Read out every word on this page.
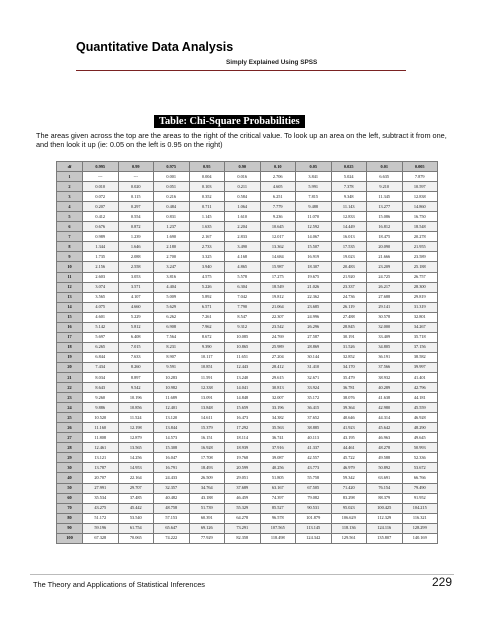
Quantitative Data Analysis
Simply Explained Using SPSS
Table: Chi-Square Probabilities
The areas given across the top are the areas to the right of the critical value. To look up an area on the left, subtract it from one, and then look it up (ie: 0.05 on the left is 0.95 on the right)
df	0.995	0.99	0.975	0.95	0.90	0.10	0.05	0.025	0.01	0.005
1	---	---	0.001	0.004	0.016	2.706	3.841	5.024	6.635	7.879
2	0.010	0.020	0.051	0.103	0.211	4.605	5.991	7.378	9.210	10.597
3	0.072	0.115	0.216	0.352	0.584	6.251	7.815	9.348	11.345	12.838
4	0.207	0.297	0.484	0.711	1.064	7.779	9.488	11.143	13.277	14.860
5	0.412	0.554	0.831	1.145	1.610	9.236	11.070	12.833	15.086	16.750
6	0.676	0.872	1.237	1.635	2.204	10.645	12.592	14.449	16.812	18.548
7	0.989	1.239	1.690	2.167	2.833	12.017	14.067	16.013	18.475	20.278
8	1.344	1.646	2.180	2.733	3.490	13.362	15.507	17.535	20.090	21.955
9	1.735	2.088	2.700	3.325	4.168	14.684	16.919	19.023	21.666	23.589
10	2.156	2.558	3.247	3.940	4.865	15.987	18.307	20.483	23.209	25.188
11	2.603	3.053	3.816	4.575	5.578	17.275	19.675	21.920	24.725	26.757
12	3.074	3.571	4.404	5.226	6.304	18.549	21.026	23.337	26.217	28.300
13	3.565	4.107	5.009	5.892	7.042	19.812	22.362	24.736	27.688	29.819
14	4.075	4.660	5.629	6.571	7.790	21.064	23.685	26.119	29.141	31.319
15	4.601	5.229	6.262	7.261	8.547	22.307	24.996	27.488	30.578	32.801
16	5.142	5.812	6.908	7.962	9.312	23.542	26.296	28.845	32.000	34.267
17	5.697	6.408	7.564	8.672	10.085	24.769	27.587	30.191	33.409	35.718
18	6.265	7.015	8.231	9.390	10.865	25.989	28.869	31.526	34.805	37.156
19	6.844	7.633	8.907	10.117	11.651	27.204	30.144	32.852	36.191	38.582
20	7.434	8.260	9.591	10.851	12.443	28.412	31.410	34.170	37.566	39.997
21	8.034	8.897	10.283	11.591	13.240	29.615	32.671	35.479	38.932	41.401
22	8.643	9.542	10.982	12.338	14.041	30.813	33.924	36.781	40.289	42.796
23	9.260	10.196	11.689	13.091	14.848	32.007	35.172	38.076	41.638	44.181
24	9.886	10.856	12.401	13.848	15.659	33.196	36.415	39.364	42.980	45.559
25	10.520	11.524	13.120	14.611	16.473	34.382	37.652	40.646	44.314	46.928
26	11.160	12.198	13.844	15.379	17.292	35.563	38.885	41.923	45.642	48.290
27	11.808	12.879	14.573	16.151	18.114	36.741	40.113	43.195	46.963	49.645
28	12.461	13.565	15.308	16.928	18.939	37.916	41.337	44.461	48.278	50.993
29	13.121	14.256	16.047	17.708	19.768	39.087	42.557	45.722	49.588	52.336
30	13.787	14.953	16.791	18.493	20.599	40.256	43.773	46.979	50.892	53.672
40	20.707	22.164	24.433	26.509	29.051	51.805	55.758	59.342	63.691	66.766
50	27.991	29.707	32.357	34.764	37.689	63.167	67.505	71.420	76.154	79.490
60	35.534	37.485	40.482	43.188	46.459	74.397	79.082	83.298	88.379	91.952
70	43.275	45.442	48.758	51.739	55.329	85.527	90.531	95.023	100.425	104.215
80	51.172	53.540	57.153	60.391	64.278	96.578	101.879	106.629	112.329	116.321
90	59.196	61.754	65.647	69.126	73.291	107.565	113.145	118.136	124.116	128.299
100	67.328	70.065	74.222	77.929	82.358	118.498	124.342	129.561	135.807	140.169
The Theory and Applications of Statistical Inferences	229
